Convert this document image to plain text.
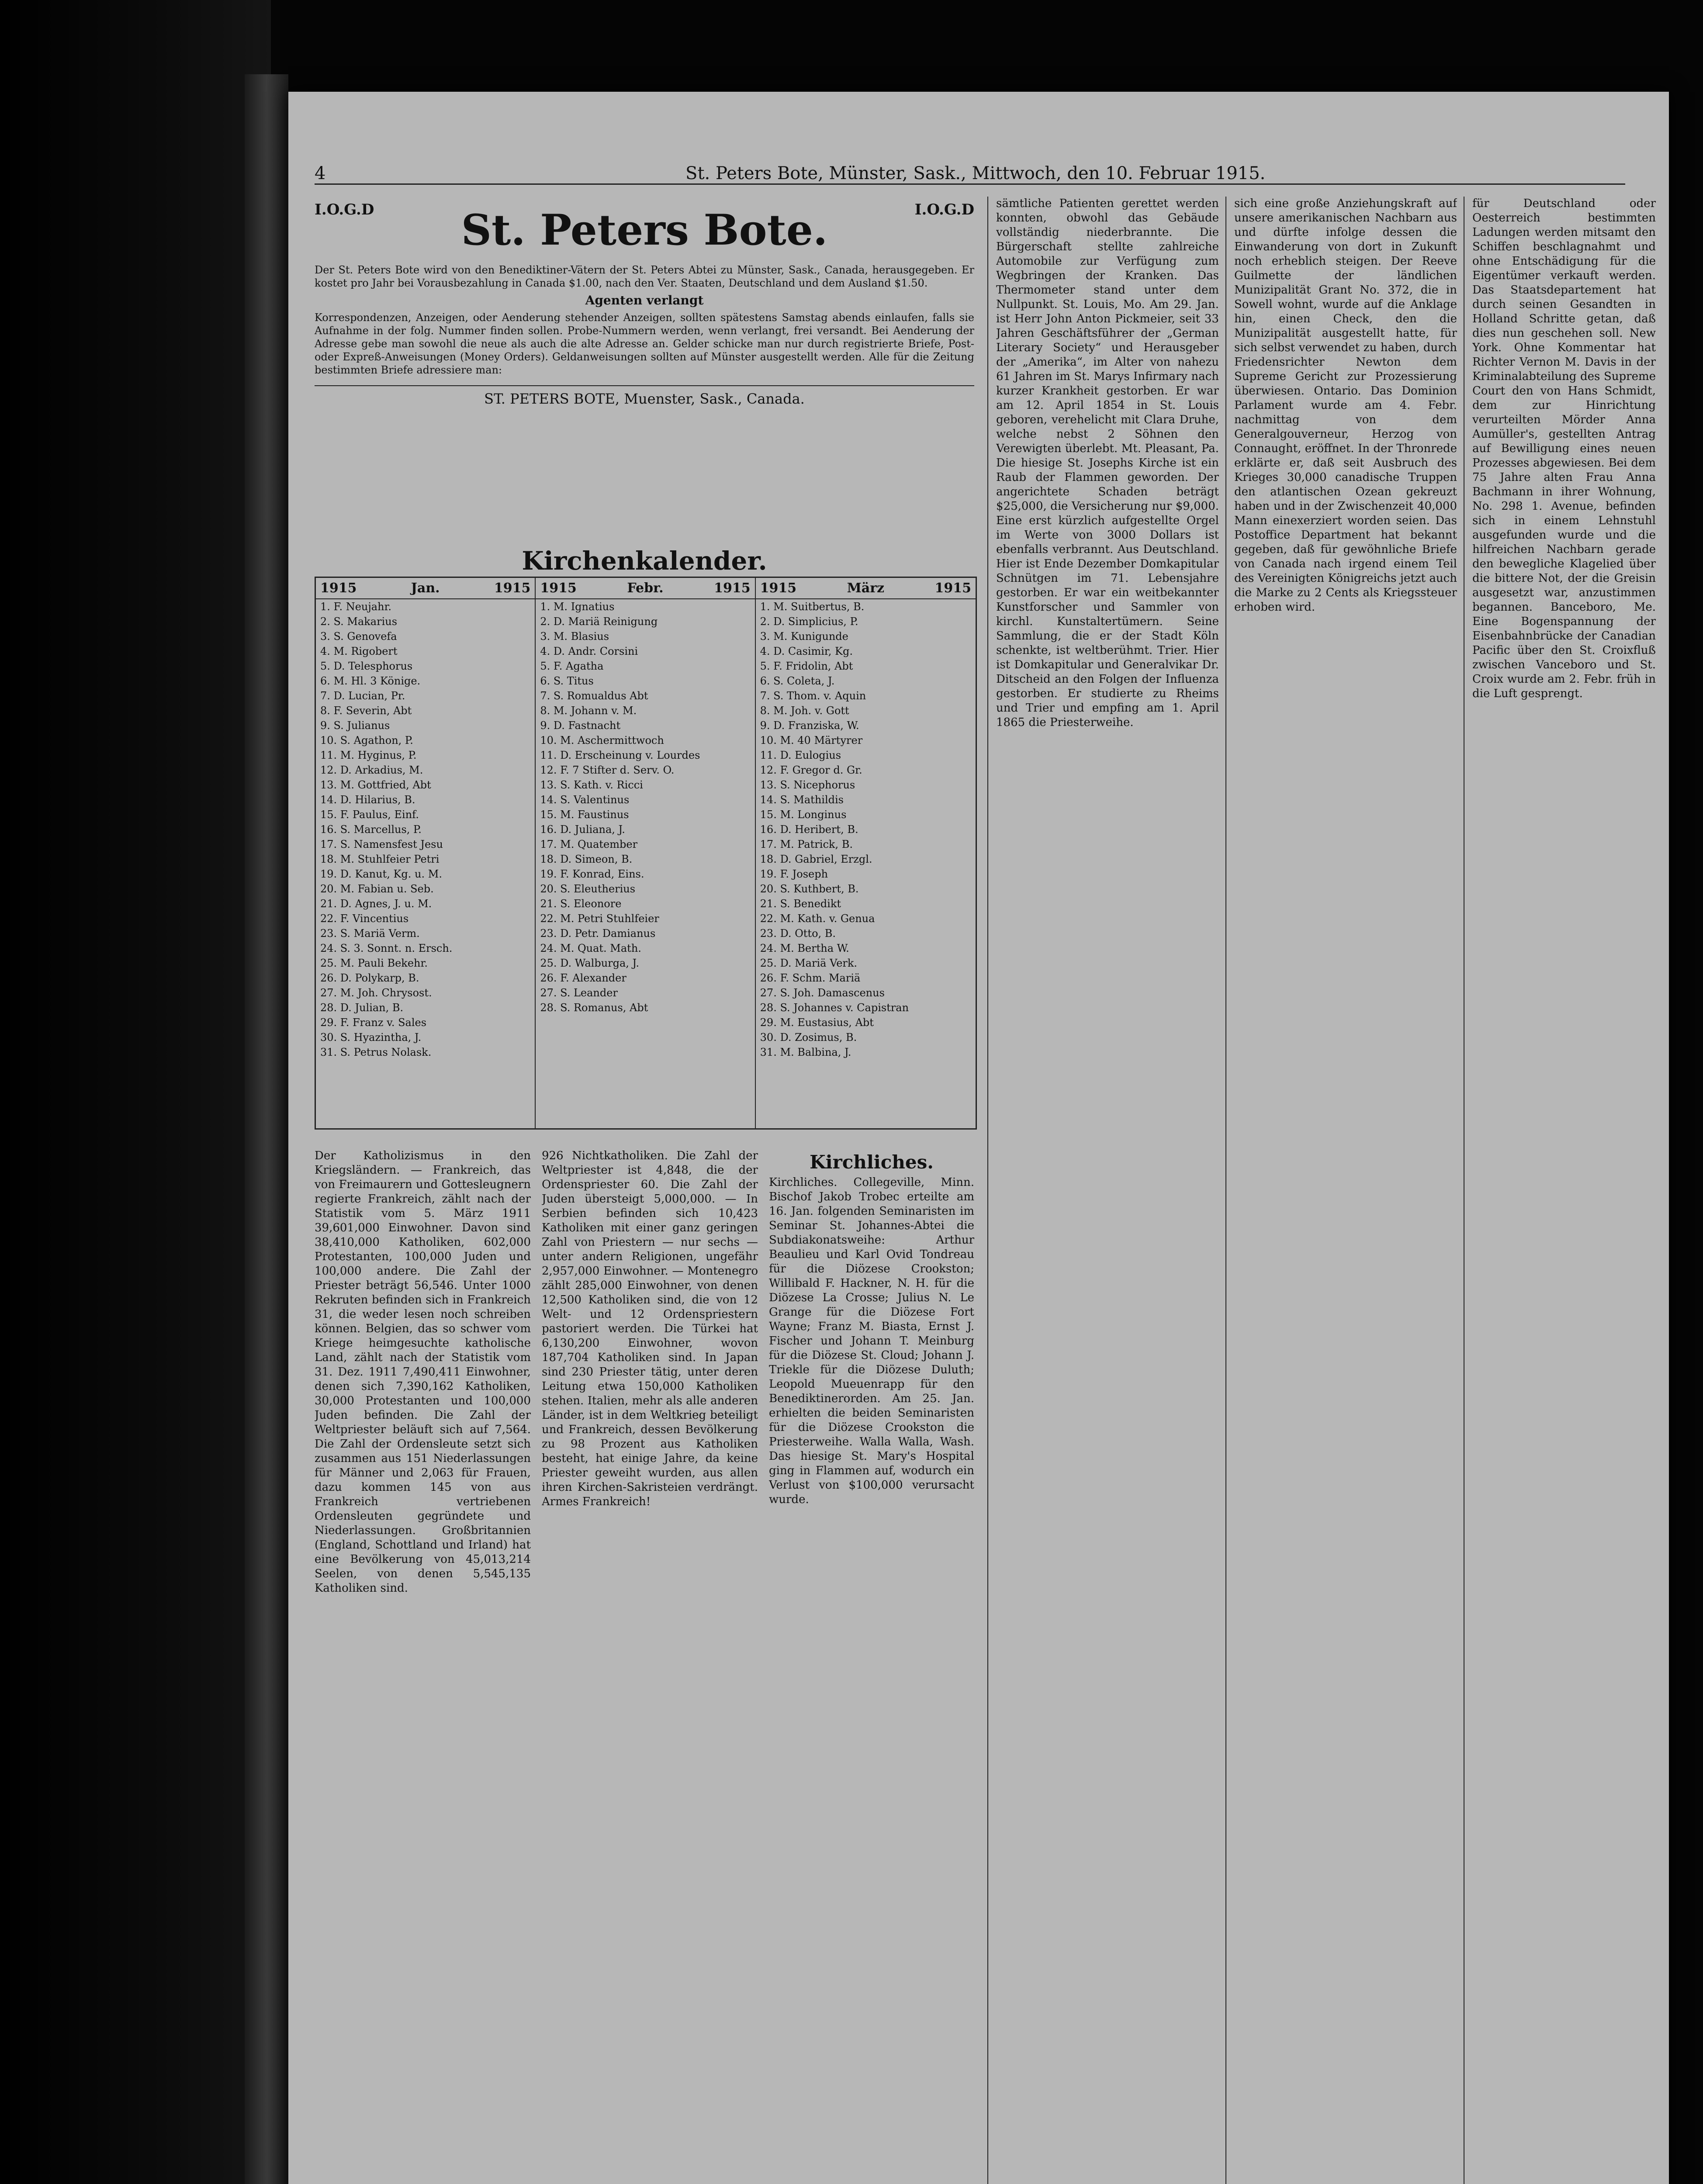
4	St. Peters Bote, Münster, Sask., Mittwoch, den 10. Februar 1915.
I.O.G.D	I.O.G.D
St. Peters Bote.
Der St. Peters Bote wird von den Benediktiner-Vätern der St. Peters Abtei zu Münster, Sask., Canada, herausgegeben. Er kostet pro Jahr bei Vorausbezahlung in Canada $1.00, nach den Ver. Staaten, Deutschland und dem Ausland $1.50.
Agenten verlangt
Korrespondenzen, Anzeigen, oder Aenderung stehender Anzeigen, sollten spätestens Samstag abends einlaufen, falls sie Aufnahme in der folg. Nummer finden sollen. Probe-Nummern werden, wenn verlangt, frei versandt. Bei Aenderung der Adresse gebe man sowohl die neue als auch die alte Adresse an. Gelder schicke man nur durch registrierte Briefe, Post- oder Expreß-Anweisungen (Money Orders). Geldanweisungen sollten auf Münster ausgestellt werden. Alle für die Zeitung bestimmten Briefe adressiere man:
ST. PETERS BOTE, Muenster, Sask., Canada.
Kirchenkalender.
1915	Jan.	1915
1. F. Neujahr.
2. S. Makarius
3. S. Genovefa
4. M. Rigobert
5. D. Telesphorus
6. M. Hl. 3 Könige.
7. D. Lucian, Pr.
8. F. Severin, Abt
9. S. Julianus
10. S. Agathon, P.
11. M. Hyginus, P.
12. D. Arkadius, M.
13. M. Gottfried, Abt
14. D. Hilarius, B.
15. F. Paulus, Einf.
16. S. Marcellus, P.
17. S. Namensfest Jesu
18. M. Stuhlfeier Petri
19. D. Kanut, Kg. u. M.
20. M. Fabian u. Seb.
21. D. Agnes, J. u. M.
22. F. Vincentius
23. S. Mariä Verm.
24. S. 3. Sonnt. n. Ersch.
25. M. Pauli Bekehr.
26. D. Polykarp, B.
27. M. Joh. Chrysost.
28. D. Julian, B.
29. F. Franz v. Sales
30. S. Hyazintha, J.
31. S. Petrus Nolask.
1915	Febr.	1915
1. M. Ignatius
2. D. Mariä Reinigung
3. M. Blasius
4. D. Andr. Corsini
5. F. Agatha
6. S. Titus
7. S. Romualdus Abt
8. M. Johann v. M.
9. D. Fastnacht
10. M. Aschermittwoch
11. D. Erscheinung v. Lourdes
12. F. 7 Stifter d. Serv. O.
13. S. Kath. v. Ricci
14. S. Valentinus
15. M. Faustinus
16. D. Juliana, J.
17. M. Quatember
18. D. Simeon, B.
19. F. Konrad, Eins.
20. S. Eleutherius
21. S. Eleonore
22. M. Petri Stuhlfeier
23. D. Petr. Damianus
24. M. Quat. Math.
25. D. Walburga, J.
26. F. Alexander
27. S. Leander
28. S. Romanus, Abt
1915	März	1915
1. M. Suitbertus, B.
2. D. Simplicius, P.
3. M. Kunigunde
4. D. Casimir, Kg.
5. F. Fridolin, Abt
6. S. Coleta, J.
7. S. Thom. v. Aquin
8. M. Joh. v. Gott
9. D. Franziska, W.
10. M. 40 Märtyrer
11. D. Eulogius
12. F. Gregor d. Gr.
13. S. Nicephorus
14. S. Mathildis
15. M. Longinus
16. D. Heribert, B.
17. M. Patrick, B.
18. D. Gabriel, Erzgl.
19. F. Joseph
20. S. Kuthbert, B.
21. S. Benedikt
22. M. Kath. v. Genua
23. D. Otto, B.
24. M. Bertha W.
25. D. Mariä Verk.
26. F. Schm. Mariä
27. S. Joh. Damascenus
28. S. Johannes v. Capistran
29. M. Eustasius, Abt
30. D. Zosimus, B.
31. M. Balbina, J.
sämtliche Patienten gerettet werden konnten, obwohl das Gebäude vollständig niederbrannte. Die Bürgerschaft stellte zahlreiche Automobile zur Verfügung zum Wegbringen der Kranken. Das Thermometer stand unter dem Nullpunkt. St. Louis, Mo. Am 29. Jan. ist Herr John Anton Pickmeier, seit 33 Jahren Geschäftsführer der „German Literary Society“ und Herausgeber der „Amerika“, im Alter von nahezu 61 Jahren im St. Marys Infirmary nach kurzer Krankheit gestorben. Er war am 12. April 1854 in St. Louis geboren, verehelicht mit Clara Druhe, welche nebst 2 Söhnen den Verewigten überlebt. Mt. Pleasant, Pa. Die hiesige St. Josephs Kirche ist ein Raub der Flammen geworden. Der angerichtete Schaden beträgt $25,000, die Versicherung nur $9,000. Eine erst kürzlich aufgestellte Orgel im Werte von 3000 Dollars ist ebenfalls verbrannt. Aus Deutschland. Hier ist Ende Dezember Domkapitular Schnütgen im 71. Lebensjahre gestorben. Er war ein weitbekannter Kunstforscher und Sammler von kirchl. Kunstaltertümern. Seine Sammlung, die er der Stadt Köln schenkte, ist weltberühmt. Trier. Hier ist Domkapitular und Generalvikar Dr. Ditscheid an den Folgen der Influenza gestorben. Er studierte zu Rheims und Trier und empfing am 1. April 1865 die Priesterweihe.
sich eine große Anziehungskraft auf unsere amerikanischen Nachbarn aus und dürfte infolge dessen die Einwanderung von dort in Zukunft noch erheblich steigen. Der Reeve Guilmette der ländlichen Munizipalität Grant No. 372, die in Sowell wohnt, wurde auf die Anklage hin, einen Check, den die Munizipalität ausgestellt hatte, für sich selbst verwendet zu haben, durch Friedensrichter Newton dem Supreme Gericht zur Prozessierung überwiesen. Ontario. Das Dominion Parlament wurde am 4. Febr. nachmittag von dem Generalgouverneur, Herzog von Connaught, eröffnet. In der Thronrede erklärte er, daß seit Ausbruch des Krieges 30,000 canadische Truppen den atlantischen Ozean gekreuzt haben und in der Zwischenzeit 40,000 Mann einexerziert worden seien. Das Postoffice Department hat bekannt gegeben, daß für gewöhnliche Briefe von Canada nach irgend einem Teil des Vereinigten Königreichs jetzt auch die Marke zu 2 Cents als Kriegssteuer erhoben wird.
für Deutschland oder Oesterreich bestimmten Ladungen werden mitsamt den Schiffen beschlagnahmt und ohne Entschädigung für die Eigentümer verkauft werden. Das Staatsdepartement hat durch seinen Gesandten in Holland Schritte getan, daß dies nun geschehen soll. New York. Ohne Kommentar hat Richter Vernon M. Davis in der Kriminalabteilung des Supreme Court den von Hans Schmidt, dem zur Hinrichtung verurteilten Mörder Anna Aumüller's, gestellten Antrag auf Bewilligung eines neuen Prozesses abgewiesen. Bei dem 75 Jahre alten Frau Anna Bachmann in ihrer Wohnung, No. 298 1. Avenue, befinden sich in einem Lehnstuhl ausgefunden wurde und die hilfreichen Nachbarn gerade den bewegliche Klagelied über die bittere Not, der die Greisin ausgesetzt war, anzustimmen begannen. Banceboro, Me. Eine Bogenspannung der Eisenbahnbrücke der Canadian Pacific über den St. Croixfluß zwischen Vanceboro und St. Croix wurde am 2. Febr. früh in die Luft gesprengt.
Der Katholizismus in den Kriegsländern. — Frankreich, das von Freimaurern und Gottesleugnern regierte Frankreich, zählt nach der Statistik vom 5. März 1911 39,601,000 Einwohner. Davon sind 38,410,000 Katholiken, 602,000 Protestanten, 100,000 Juden und 100,000 andere. Die Zahl der Priester beträgt 56,546. Unter 1000 Rekruten befinden sich in Frankreich 31, die weder lesen noch schreiben können. Belgien, das so schwer vom Kriege heimgesuchte katholische Land, zählt nach der Statistik vom 31. Dez. 1911 7,490,411 Einwohner, denen sich 7,390,162 Katholiken, 30,000 Protestanten und 100,000 Juden befinden. Die Zahl der Weltpriester beläuft sich auf 7,564. Die Zahl der Ordensleute setzt sich zusammen aus 151 Niederlassungen für Männer und 2,063 für Frauen, dazu kommen 145 von aus Frankreich vertriebenen Ordensleuten gegründete und Niederlassungen. Großbritannien (England, Schottland und Irland) hat eine Bevölkerung von 45,013,214 Seelen, von denen 5,545,135 Katholiken sind.
926 Nichtkatholiken. Die Zahl der Weltpriester ist 4,848, die der Ordenspriester 60. Die Zahl der Juden übersteigt 5,000,000. — In Serbien befinden sich 10,423 Katholiken mit einer ganz geringen Zahl von Priestern — nur sechs — unter andern Religionen, ungefähr 2,957,000 Einwohner. — Montenegro zählt 285,000 Einwohner, von denen 12,500 Katholiken sind, die von 12 Welt- und 12 Ordenspriestern pastoriert werden. Die Türkei hat 6,130,200 Einwohner, wovon 187,704 Katholiken sind. In Japan sind 230 Priester tätig, unter deren Leitung etwa 150,000 Katholiken stehen. Italien, mehr als alle anderen Länder, ist in dem Weltkrieg beteiligt und Frankreich, dessen Bevölkerung zu 98 Prozent aus Katholiken besteht, hat einige Jahre, da keine Priester geweiht wurden, aus allen ihren Kirchen-Sakristeien verdrängt. Armes Frankreich!
Kirchliches.
Kirchliches. Collegeville, Minn. Bischof Jakob Trobec erteilte am 16. Jan. folgenden Seminaristen im Seminar St. Johannes-Abtei die Subdiakonatsweihe: Arthur Beaulieu und Karl Ovid Tondreau für die Diözese Crookston; Willibald F. Hackner, N. H. für die Diözese La Crosse; Julius N. Le Grange für die Diözese Fort Wayne; Franz M. Biasta, Ernst J. Fischer und Johann T. Meinburg für die Diözese St. Cloud; Johann J. Triekle für die Diözese Duluth; Leopold Mueuenrapp für den Benediktinerorden. Am 25. Jan. erhielten die beiden Seminaristen für die Diözese Crookston die Priesterweihe. Walla Walla, Wash. Das hiesige St. Mary's Hospital ging in Flammen auf, wodurch ein Verlust von $100,000 verursacht wurde.
